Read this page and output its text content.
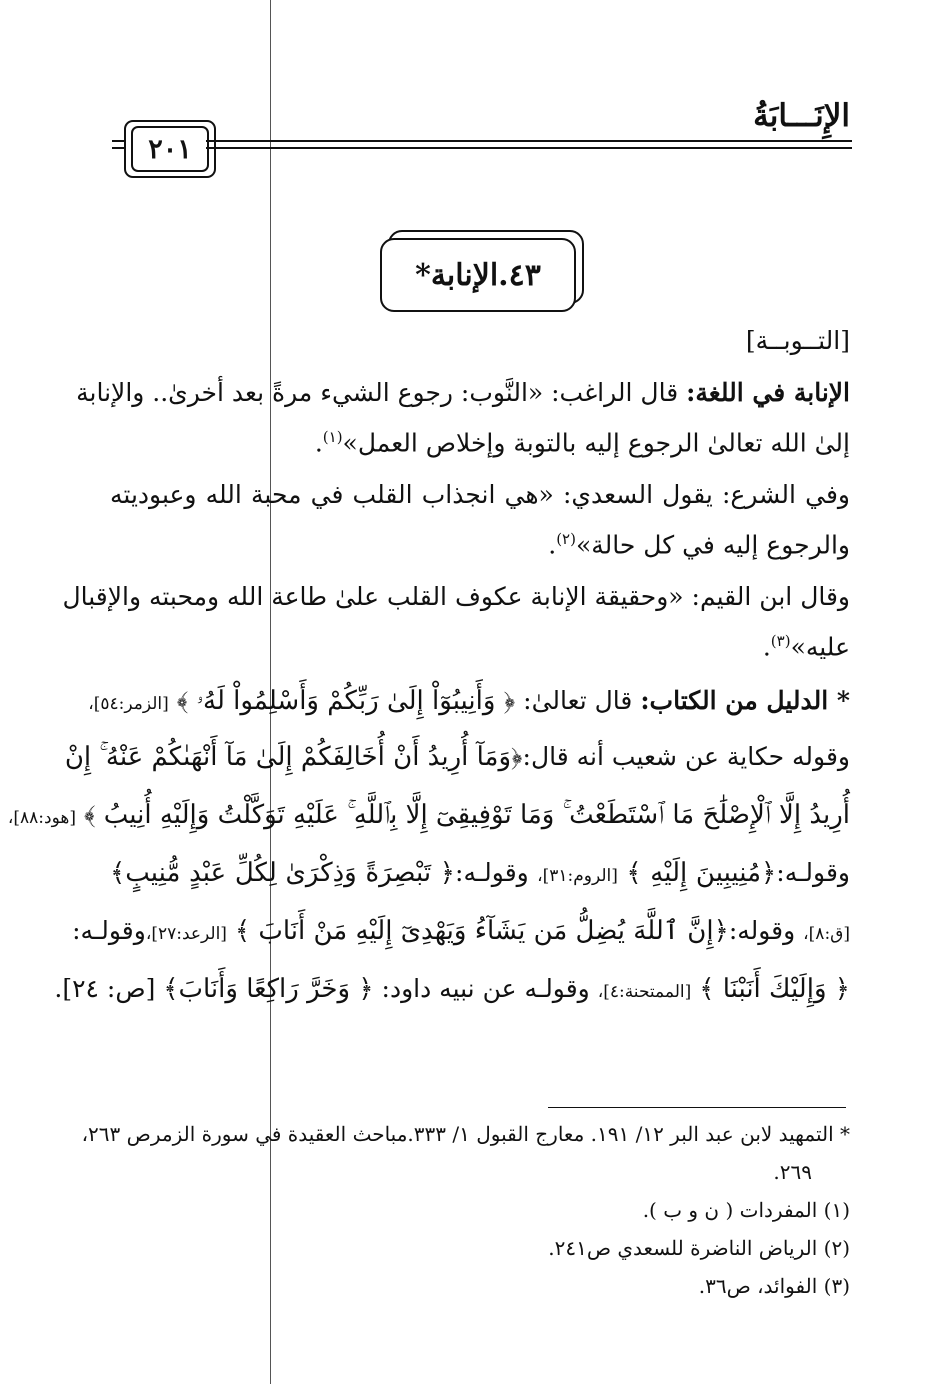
الإِنَـــابَةُ
٢٠١
٤٣.الإنابة*
[التــوبــة]
الإنابة في اللغة: قال الراغب: «النَّوب: رجوع الشيء مرةً بعد أخرىٰ.. والإنابة
إلىٰ الله تعالىٰ الرجوع إليه بالتوبة وإخلاص العمل»$^{(١)}$.
وفي الشرع: يقول السعدي: «هي انجذاب القلب في محبة الله وعبوديته
والرجوع إليه في كل حالة»$^{(٢)}$.
وقال ابن القيم: «وحقيقة الإنابة عكوف القلب علىٰ طاعة الله ومحبته والإقبال
عليه»$^{(٣)}$.
* الدليل من الكتاب: قال تعالىٰ: ﴿ وَأَنِيبُوٓاْ إِلَىٰ رَبِّكُمْ وَأَسْلِمُواْ لَهُۥ ﴾ [الزمر:٥٤]،
وقوله حكاية عن شعيب أنه قال:﴿وَمَآ أُرِيدُ أَنْ أُخَالِفَكُمْ إِلَىٰ مَآ أَنْهَىٰكُمْ عَنْهُ ۚ إِنْ
أُرِيدُ إِلَّا ٱلْإِصْلَٰحَ مَا ٱسْتَطَعْتُ ۚ وَمَا تَوْفِيقِىٓ إِلَّا بِٱللَّهِ ۚ عَلَيْهِ تَوَكَّلْتُ وَإِلَيْهِ أُنِيبُ ﴾ [هود:٨٨]،
وقولـه:﴿مُنِيبِينَ إِلَيْهِ ﴾ [الروم:٣١]، وقولـه:﴿ تَبْصِرَةً وَذِكْرَىٰ لِكُلِّ عَبْدٍ مُّنِيبٍ﴾
[ق:٨]، وقوله:﴿إِنَّ ٱللَّهَ يُضِلُّ مَن يَشَآءُ وَيَهْدِىٓ إِلَيْهِ مَنْ أَنَابَ ﴾ [الرعد:٢٧]،وقولـه:
﴿ وَإِلَيْكَ أَنَبْنَا ﴾ [الممتحنة:٤]، وقولـه عن نبيه داود: ﴿ وَخَرَّ رَاكِعًا وَأَنَابَ﴾ [ص: ٢٤].
* التمهيد لابن عبد البر ١٢/ ١٩١. معارج القبول ١/ ٣٣٣.مباحث العقيدة في سورة الزمرص ٢٦٣،
٢٦٩.
(١) المفردات ( ن و ب ).
(٢) الرياض الناضرة للسعدي ص٢٤١.
(٣) الفوائد، ص٣٦.
